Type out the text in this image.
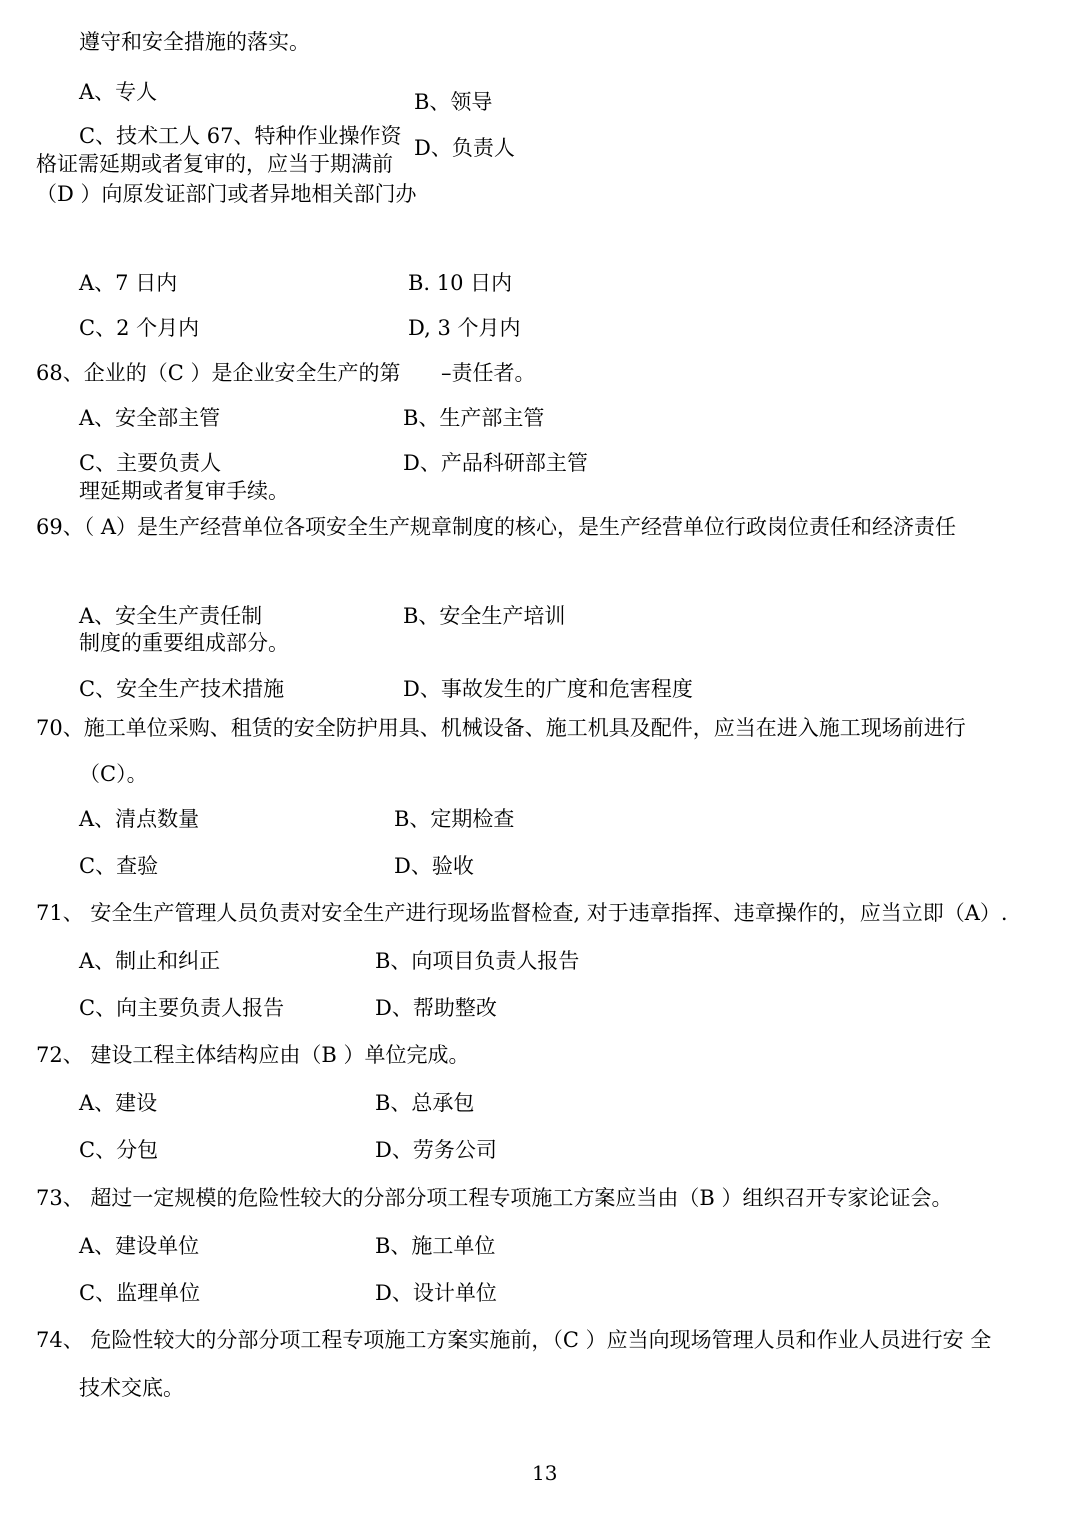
遵守和安全措施的落实。
A、专人	B、领导
C、技术工人 67、特种作业操作资 D、负责人
格证需延期或者复审的，应当于期满前
（D ）向原发证部门或者异地相关部门办
A、7 日内	B. 10 日内
C、2 个月内	D, 3 个月内
68、企业的（C ）是企业安全生产的第 –责任者。
A、安全部主管	B、生产部主管
C、主要负责人	D、产品科研部主管
理延期或者复审手续。
69、（ A）是生产经营单位各项安全生产规章制度的核心，是生产经营单位行政岗位责任和经济责任
A、安全生产责任制	B、安全生产培训
制度的重要组成部分。
C、安全生产技术措施	D、事故发生的广度和危害程度
70、施工单位采购、租赁的安全防护用具、机械设备、施工机具及配件，应当在进入施工现场前进行
（C）。
A、清点数量	B、定期检查
C、查验	D、验收
71、 安全生产管理人员负责对安全生产进行现场监督检查, 对于违章指挥、违章操作的，应当立即（A）.
A、制止和纠正	B、向项目负责人报告
C、向主要负责人报告	D、帮助整改
72、 建设工程主体结构应由（B ）单位完成。
A、建设	B、总承包
C、分包	D、劳务公司
73、 超过一定规模的危险性较大的分部分项工程专项施工方案应当由（B ）组织召开专家论证会。
A、建设单位	B、施工单位
C、监理单位	D、设计单位
74、 危险性较大的分部分项工程专项施工方案实施前，（C ）应当向现场管理人员和作业人员进行安 全
技术交底。
13
